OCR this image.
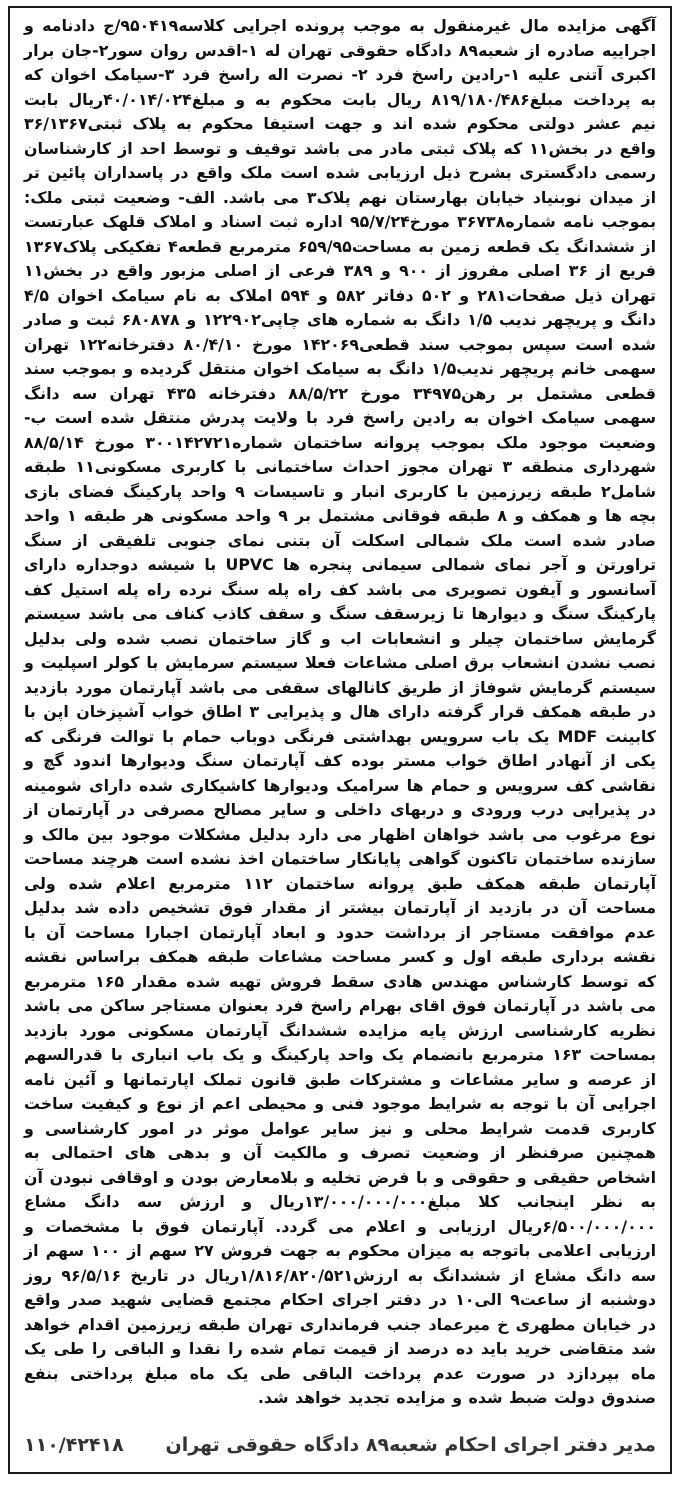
آگهی مزایده مال غیرمنقول به موجب پرونده اجرایی کلاسه۹۵۰۴۱۹/ج دادنامه و اجراییه صادره از شعبه۸۹ دادگاه حقوقی تهران له ۱-اقدس روان سور۲-جان برار اکبری آتنی علیه ۱-رادین راسخ فرد ۲- نصرت اله راسخ فرد ۳-سیامک اخوان که به پرداخت مبلغ۸۱۹/۱۸۰/۴۸۶ ریال بابت محکوم به و مبلغ۴۰/۰۱۴/۰۲۴ریال بابت نیم عشر دولتی محکوم شده اند و جهت استیفا محکوم به پلاک ثبتی۳۶/۱۳۶۷ واقع در بخش۱۱ که پلاک ثبتی مادر می باشد توقیف و توسط احد از کارشناسان رسمی دادگستری بشرح ذیل ارزیابی شده است ملک واقع در پاسداران پائین تر از میدان نوبنیاد خیابان بهارستان نهم پلاک۳ می باشد. الف- وضعیت ثبتی ملک: بموجب نامه شماره۳۶۷۳۸ مورخ۹۵/۷/۲۴ اداره ثبت اسناد و املاک قلهک عبارتست از ششدانگ یک قطعه زمین به مساحت۶۵۹/۹۵ مترمربع قطعه۴ تفکیکی پلاک۱۳۶۷ فریع از ۳۶ اصلی مفروز از ۹۰۰ و ۳۸۹ فرعی از اصلی مزبور واقع در بخش۱۱ تهران ذیل صفحات۲۸۱ و ۵۰۲ دفاتر ۵۸۲ و ۵۹۴ املاک به نام سیامک اخوان ۴/۵ دانگ و پریچهر ندیب ۱/۵ دانگ به شماره های چاپی۱۲۲۹۰۲ و ۶۸۰۸۷۸ ثبت و صادر شده است سپس بموجب سند قطعی۱۴۲۰۶۹ مورخ ۸۰/۴/۱۰ دفترخانه۱۲۲ تهران سهمی خانم پریچهر ندیب۱/۵ دانگ به سیامک اخوان منتقل گردیده و بموجب سند قطعی مشتمل بر رهن۳۴۹۷۵ مورخ ۸۸/۵/۲۲ دفترخانه ۴۳۵ تهران سه دانگ سهمی سیامک اخوان به رادین راسخ فرد با ولایت پدرش منتقل شده است ب- وضعیت موجود ملک بموجب پروانه ساختمان شماره۳۰۰۱۴۲۷۲۱ مورخ ۸۸/۵/۱۴ شهرداری منطقه ۳ تهران مجوز احداث ساختمانی با کاربری مسکونی۱۱ طبقه شامل۲ طبقه زیرزمین با کاربری انبار و تاسیسات ۹ واحد پارکینگ فضای بازی بچه ها و همکف و ۸ طبقه فوقانی مشتمل بر ۹ واحد مسکونی هر طبقه ۱ واحد صادر شده است ملک شمالی اسکلت آن بتنی نمای جنوبی تلفیقی از سنگ تراورتن و آجر نمای شمالی سیمانی پنجره ها UPVC با شیشه دوجداره دارای آسانسور و آیفون تصویری می باشد کف راه پله سنگ نرده راه پله استیل کف پارکینگ سنگ و دیوارها تا زیرسقف سنگ و سقف کاذب کناف می باشد سیستم گرمایش ساختمان چیلر و انشعابات اب و گاز ساختمان نصب شده ولی بدلیل نصب نشدن انشعاب برق اصلی مشاعات فعلا سیستم سرمایش با کولر اسپلیت و سیستم گرمایش شوفاژ از طریق کانالهای سقفی می باشد آپارتمان مورد بازدید در طبقه همکف قرار گرفته دارای هال و پذیرایی ۳ اطاق خواب آشپزخان اپن با کابینت MDF یک باب سرویس بهداشتی فرنگی دوباب حمام با توالت فرنگی که یکی از آنهادر اطاق خواب مستر بوده کف آپارتمان سنگ ودیوارها اندود گچ و نقاشی کف سرویس و حمام ها سرامیک ودیوارها کاشیکاری شده دارای شومینه در پذیرایی درب ورودی و دربهای داخلی و سایر مصالح مصرفی در آپارتمان از نوع مرغوب می باشد خواهان اظهار می دارد بدلیل مشکلات موجود بین مالک و سازنده ساختمان تاکنون گواهی پایانکار ساختمان اخذ نشده است هرچند مساحت آپارتمان طبقه همکف طبق پروانه ساختمان ۱۱۲ مترمربع اعلام شده ولی مساحت آن در بازدید از آپارتمان بیشتر از مقدار فوق تشخیص داده شد بدلیل عدم موافقت مستاجر از برداشت حدود و ابعاد آپارتمان اجبارا مساحت آن با نقشه برداری طبقه اول و کسر مساحت مشاعات طبقه همکف براساس نقشه که توسط کارشناس مهندس هادی سقط فروش تهیه شده مقدار ۱۶۵ مترمربع می باشد در آپارتمان فوق اقای بهرام راسخ فرد بعنوان مستاجر ساکن می باشد نظریه کارشناسی ارزش پایه مزایده ششدانگ آپارتمان مسکونی مورد بازدید بمساحت ۱۶۳ مترمربع بانضمام یک واحد پارکینگ و یک باب انباری با قدرالسهم از عرصه و سایر مشاعات و مشترکات طبق قانون تملک اپارتمانها و آئین نامه اجرایی آن با توجه به شرایط موجود فنی و محیطی اعم از نوع و کیفیت ساخت کاربری قدمت شرایط محلی و نیز سایر عوامل موثر در امور کارشناسی و همچنین صرفنظر از وضعیت تصرف و مالکیت آن و بدهی های احتمالی به اشخاص حقیقی و حقوقی و با فرض تخلیه و بلامعارض بودن و اوقافی نبودن آن به نظر اینجانب کلا مبلغ۱۳/۰۰۰/۰۰۰/۰۰۰ریال و ارزش سه دانگ مشاع ۶/۵۰۰/۰۰۰/۰۰۰ریال ارزیابی و اعلام می گردد. آپارتمان فوق با مشخصات و ارزیابی اعلامی باتوجه به میزان محکوم به جهت فروش ۲۷ سهم از ۱۰۰ سهم از سه دانگ مشاع از ششدانگ به ارزش۱/۸۱۶/۸۲۰/۵۲۱ریال در تاریخ ۹۶/۵/۱۶ روز دوشنبه از ساعت۹ الی۱۰ در دفتر اجرای احکام مجتمع قضایی شهید صدر واقع در خیابان مطهری خ میرعماد جنب فرمانداری تهران طبقه زیرزمین اقدام خواهد شد متقاضی خرید باید ده درصد از قیمت تمام شده را نقدا و الباقی را طی یک ماه بپردازد در صورت عدم پرداخت الباقی طی یک ماه مبلغ پرداختی بنفع صندوق دولت ضبط شده و مزایده تجدید خواهد شد.
مدیر دفتر اجرای احکام شعبه۸۹ دادگاه حقوقی تهران
۱۱۰/۴۲۴۱۸
